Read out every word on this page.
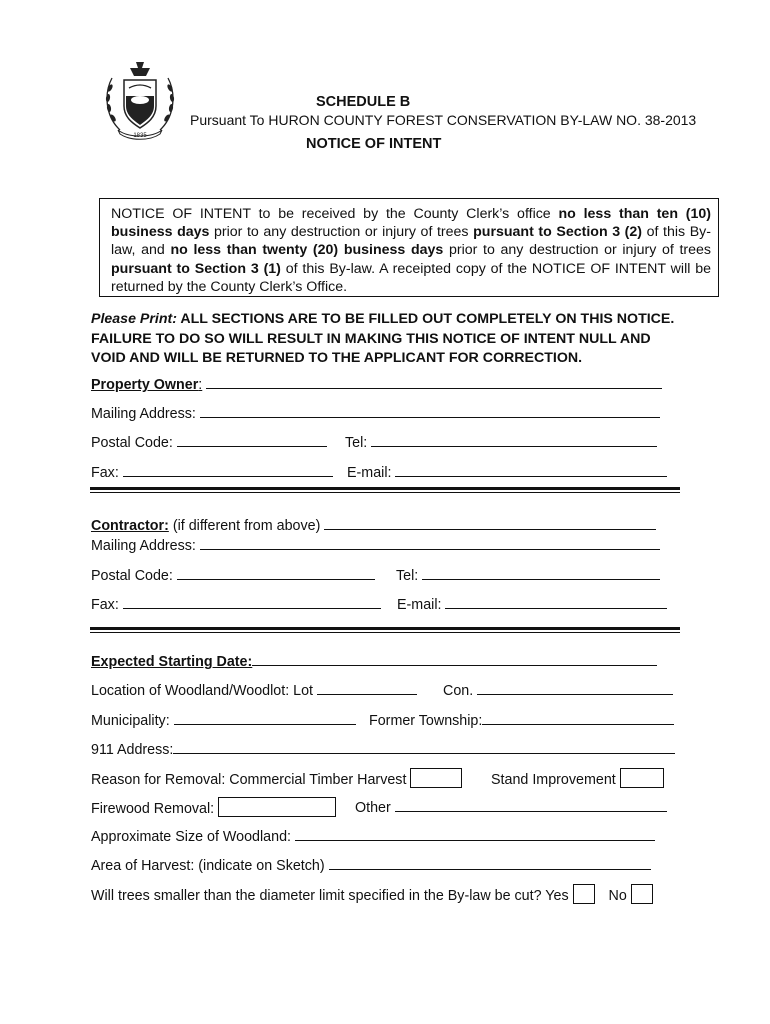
1835
SCHEDULE B
Pursuant To HURON COUNTY FOREST CONSERVATION BY-LAW NO. 38-2013
NOTICE OF INTENT
NOTICE OF INTENT to be received by the County Clerk’s office no less than ten (10) business days prior to any destruction or injury of trees pursuant to Section 3 (2) of this By-law, and no less than twenty (20) business days prior to any destruction or injury of trees pursuant to Section 3 (1) of this By-law. A receipted copy of the NOTICE OF INTENT will be returned by the County Clerk’s Office.
Please Print: ALL SECTIONS ARE TO BE FILLED OUT COMPLETELY ON THIS NOTICE. FAILURE TO DO SO WILL RESULT IN MAKING THIS NOTICE OF INTENT NULL AND VOID AND WILL BE RETURNED TO THE APPLICANT FOR CORRECTION.
Property Owner:
Mailing Address:
Postal Code:	Tel:
Fax:	E-mail:
Contractor: (if different from above)
Mailing Address:
Postal Code:	Tel:
Fax:	E-mail:
Expected Starting Date:
Location of Woodland/Woodlot: Lot	Con.
Municipality:	Former Township:
911 Address:
Reason for Removal: Commercial Timber Harvest	Stand Improvement
Firewood Removal:	Other
Approximate Size of Woodland:
Area of Harvest: (indicate on Sketch)
Will trees smaller than the diameter limit specified in the By-law be cut? Yes	No
